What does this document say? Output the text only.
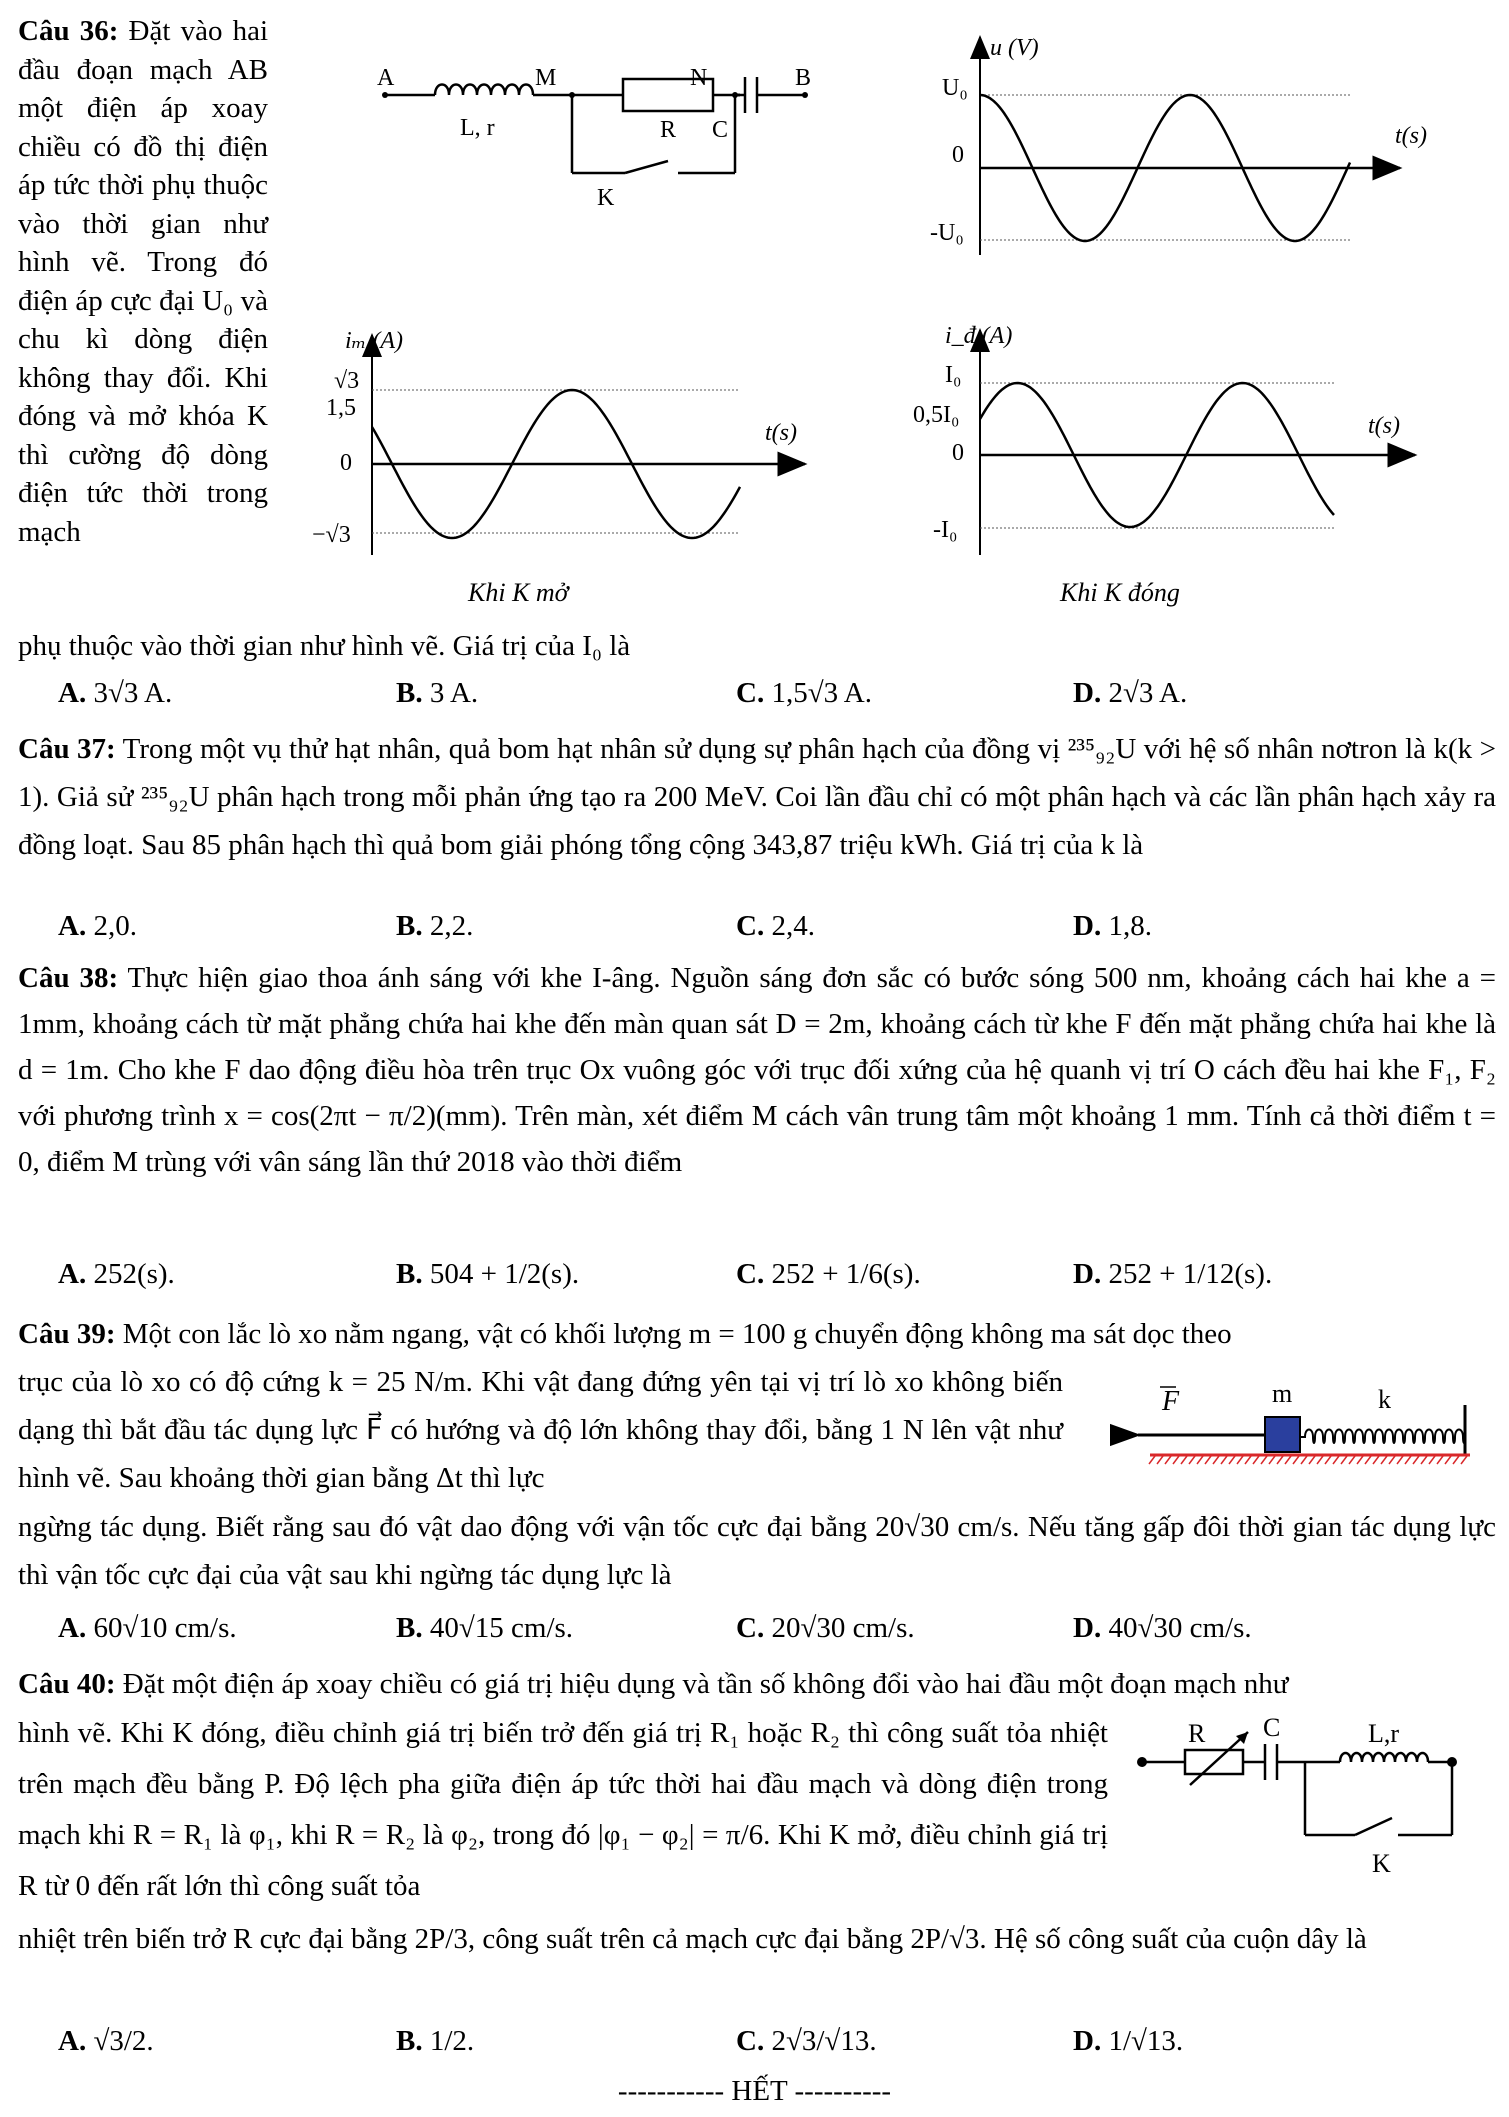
Câu 36: Đặt vào hai đầu đoạn mạch AB một điện áp xoay chiều có đồ thị điện áp tức thời phụ thuộc vào thời gian như hình vẽ. Trong đó điện áp cực đại U₀ và chu kì dòng điện không thay đổi. Khi đóng và mở khóa K thì cường độ dòng điện tức thời trong mạch
A	M	N	B
L, r	R C
K
u (V)
t(s)
U₀
0
-U₀
iₘ (A)
t(s)
√3
1,5
0
−√3
Khi K mở
i_đ (A)
t(s)
I₀
0,5I₀
0
-I₀
Khi K đóng

phụ thuộc vào thời gian như hình vẽ. Giá trị của I₀ là

A. 3√3 A.	B. 3 A.	C. 1,5√3 A.	D. 2√3 A.

Câu 37: Trong một vụ thử hạt nhân, quả bom hạt nhân sử dụng sự phân hạch của đồng vị ²³⁵₉₂U với hệ số nhân nơtron là k(k > 1). Giả sử ²³⁵₉₂U phân hạch trong mỗi phản ứng tạo ra 200 MeV. Coi lần đầu chỉ có một phân hạch và các lần phân hạch xảy ra đồng loạt. Sau 85 phân hạch thì quả bom giải phóng tổng cộng 343,87 triệu kWh. Giá trị của k là

A. 2,0.	B. 2,2.	C. 2,4.	D. 1,8.

Câu 38: Thực hiện giao thoa ánh sáng với khe I-âng. Nguồn sáng đơn sắc có bước sóng 500 nm, khoảng cách hai khe a = 1mm, khoảng cách từ mặt phẳng chứa hai khe đến màn quan sát D = 2m, khoảng cách từ khe F đến mặt phẳng chứa hai khe là d = 1m. Cho khe F dao động điều hòa trên trục Ox vuông góc với trục đối xứng của hệ quanh vị trí O cách đều hai khe F₁, F₂ với phương trình x = cos(2πt − π/2)(mm). Trên màn, xét điểm M cách vân trung tâm một khoảng 1 mm. Tính cả thời điểm t = 0, điểm M trùng với vân sáng lần thứ 2018 vào thời điểm

A. 252(s).	B. 504 + 1/2(s).	C. 252 + 1/6(s).	D. 252 + 1/12(s).

Câu 39: Một con lắc lò xo nằm ngang, vật có khối lượng m = 100 g chuyển động không ma sát dọc theo

trục của lò xo có độ cứng k = 25 N/m. Khi vật đang đứng yên tại vị trí lò xo không biến dạng thì bắt đầu tác dụng lực F⃗ có hướng và độ lớn không thay đổi, bằng 1 N lên vật như hình vẽ. Sau khoảng thời gian bằng Δt thì lực

F	m	k

ngừng tác dụng. Biết rằng sau đó vật dao động với vận tốc cực đại bằng 20√30 cm/s. Nếu tăng gấp đôi thời gian tác dụng lực thì vận tốc cực đại của vật sau khi ngừng tác dụng lực là

A. 60√10 cm/s.	B. 40√15 cm/s.	C. 20√30 cm/s.	D. 40√30 cm/s.

Câu 40: Đặt một điện áp xoay chiều có giá trị hiệu dụng và tần số không đổi vào hai đầu một đoạn mạch như

hình vẽ. Khi K đóng, điều chỉnh giá trị biến trở đến giá trị R₁ hoặc R₂ thì công suất tỏa nhiệt trên mạch đều bằng P. Độ lệch pha giữa điện áp tức thời hai đầu mạch và dòng điện trong mạch khi R = R₁ là φ₁, khi R = R₂ là φ₂, trong đó |φ₁ − φ₂| = π/6. Khi K mở, điều chỉnh giá trị R từ 0 đến rất lớn thì công suất tỏa

R C	L,r
K

nhiệt trên biến trở R cực đại bằng 2P/3, công suất trên cả mạch cực đại bằng 2P/√3. Hệ số công suất của cuộn dây là

A. √3/2.	B. 1/2.	C. 2√3/√13.	D. 1/√13.
----------- HẾT ----------
